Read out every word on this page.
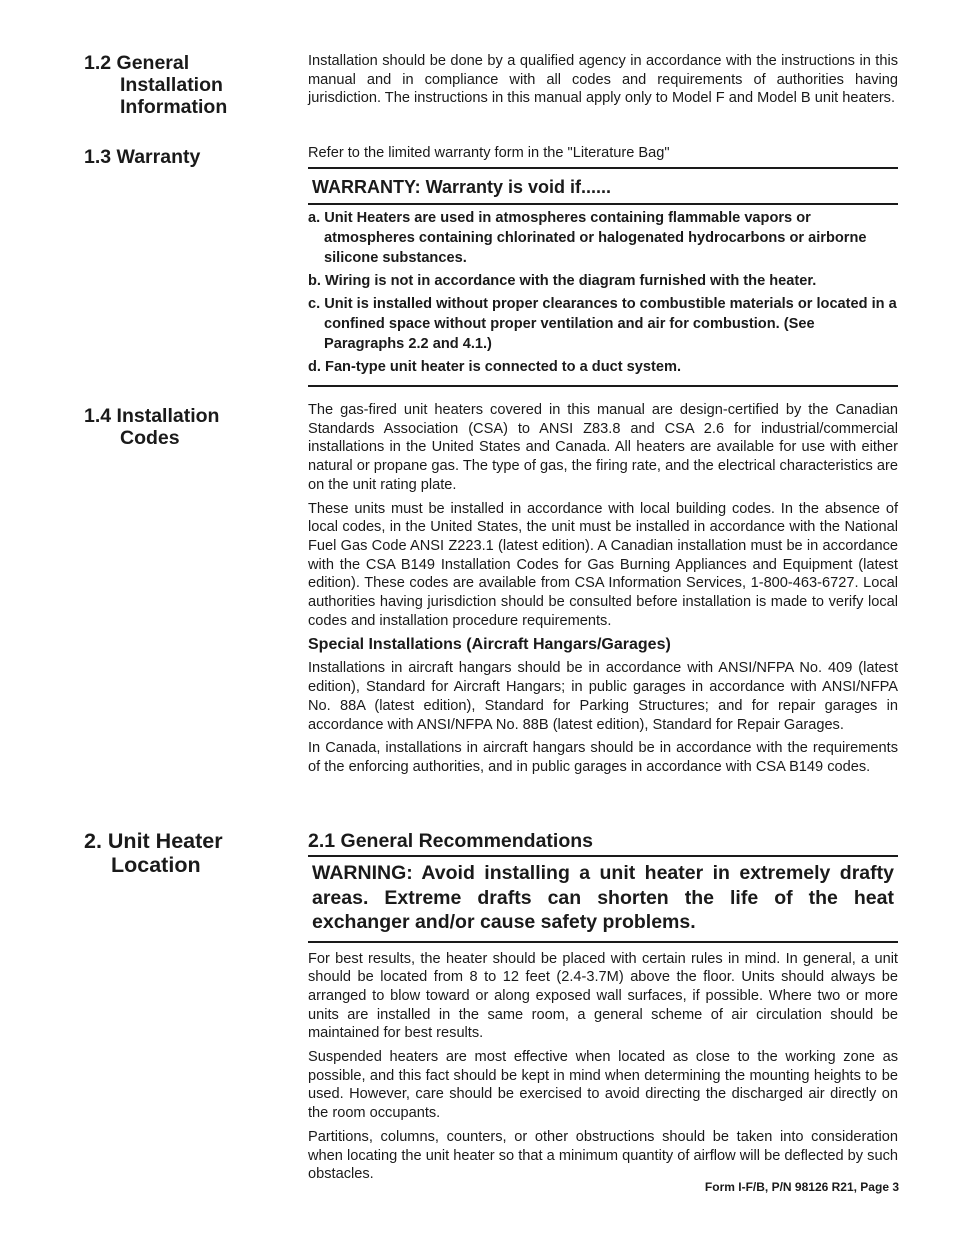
1.2 General
Installation
Information

Installation should be done by a qualified agency in accordance with the instructions in this manual and in compliance with all codes and requirements of authorities having jurisdiction. The instructions in this manual apply only to Model F and Model B unit heaters.

1.3 Warranty	Refer to the limited warranty form in the "Literature Bag"

WARRANTY: Warranty is void if......
a. Unit Heaters are used in atmospheres containing flammable vapors or atmospheres containing chlorinated or halogenated hydrocarbons or airborne silicone substances.
b. Wiring is not in accordance with the diagram furnished with the heater.
c. Unit is installed without proper clearances to combustible materials or located in a confined space without proper ventilation and air for combustion. (See Paragraphs 2.2 and 4.1.)
d. Fan-type unit heater is connected to a duct system.
1.4 Installation
Codes

The gas-fired unit heaters covered in this manual are design-certified by the Canadian Standards Association (CSA) to ANSI Z83.8 and CSA 2.6 for industrial/commercial installations in the United States and Canada. All heaters are available for use with either natural or propane gas. The type of gas, the firing rate, and the electrical characteristics are on the unit rating plate.

These units must be installed in accordance with local building codes. In the absence of local codes, in the United States, the unit must be installed in accordance with the National Fuel Gas Code ANSI Z223.1 (latest edition). A Canadian installation must be in accordance with the CSA B149 Installation Codes for Gas Burning Appliances and Equipment (latest edition). These codes are available from CSA Information Services, 1-800-463-6727. Local authorities having jurisdiction should be consulted before installation is made to verify local codes and installation procedure requirements.

Special Installations (Aircraft Hangars/Garages)

Installations in aircraft hangars should be in accordance with ANSI/NFPA No. 409 (latest edition), Standard for Aircraft Hangars; in public garages in accordance with ANSI/NFPA No. 88A (latest edition), Standard for Parking Structures; and for repair garages in accordance with ANSI/NFPA No. 88B (latest edition), Standard for Repair Garages.

In Canada, installations in aircraft hangars should be in accordance with the requirements of the enforcing authorities, and in public garages in accordance with CSA B149 codes.

2. Unit Heater
Location
2.1 General Recommendations
WARNING: Avoid installing a unit heater in extremely drafty areas. Extreme drafts can shorten the life of the heat exchanger and/or cause safety problems.

For best results, the heater should be placed with certain rules in mind. In general, a unit should be located from 8 to 12 feet (2.4-3.7M) above the floor. Units should always be arranged to blow toward or along exposed wall surfaces, if possible. Where two or more units are installed in the same room, a general scheme of air circulation should be maintained for best results.

Suspended heaters are most effective when located as close to the working zone as possible, and this fact should be kept in mind when determining the mounting heights to be used. However, care should be exercised to avoid directing the discharged air directly on the room occupants.

Partitions, columns, counters, or other obstructions should be taken into consideration when locating the unit heater so that a minimum quantity of airflow will be deflected by such obstacles.

Form I-F/B, P/N 98126 R21, Page 3
